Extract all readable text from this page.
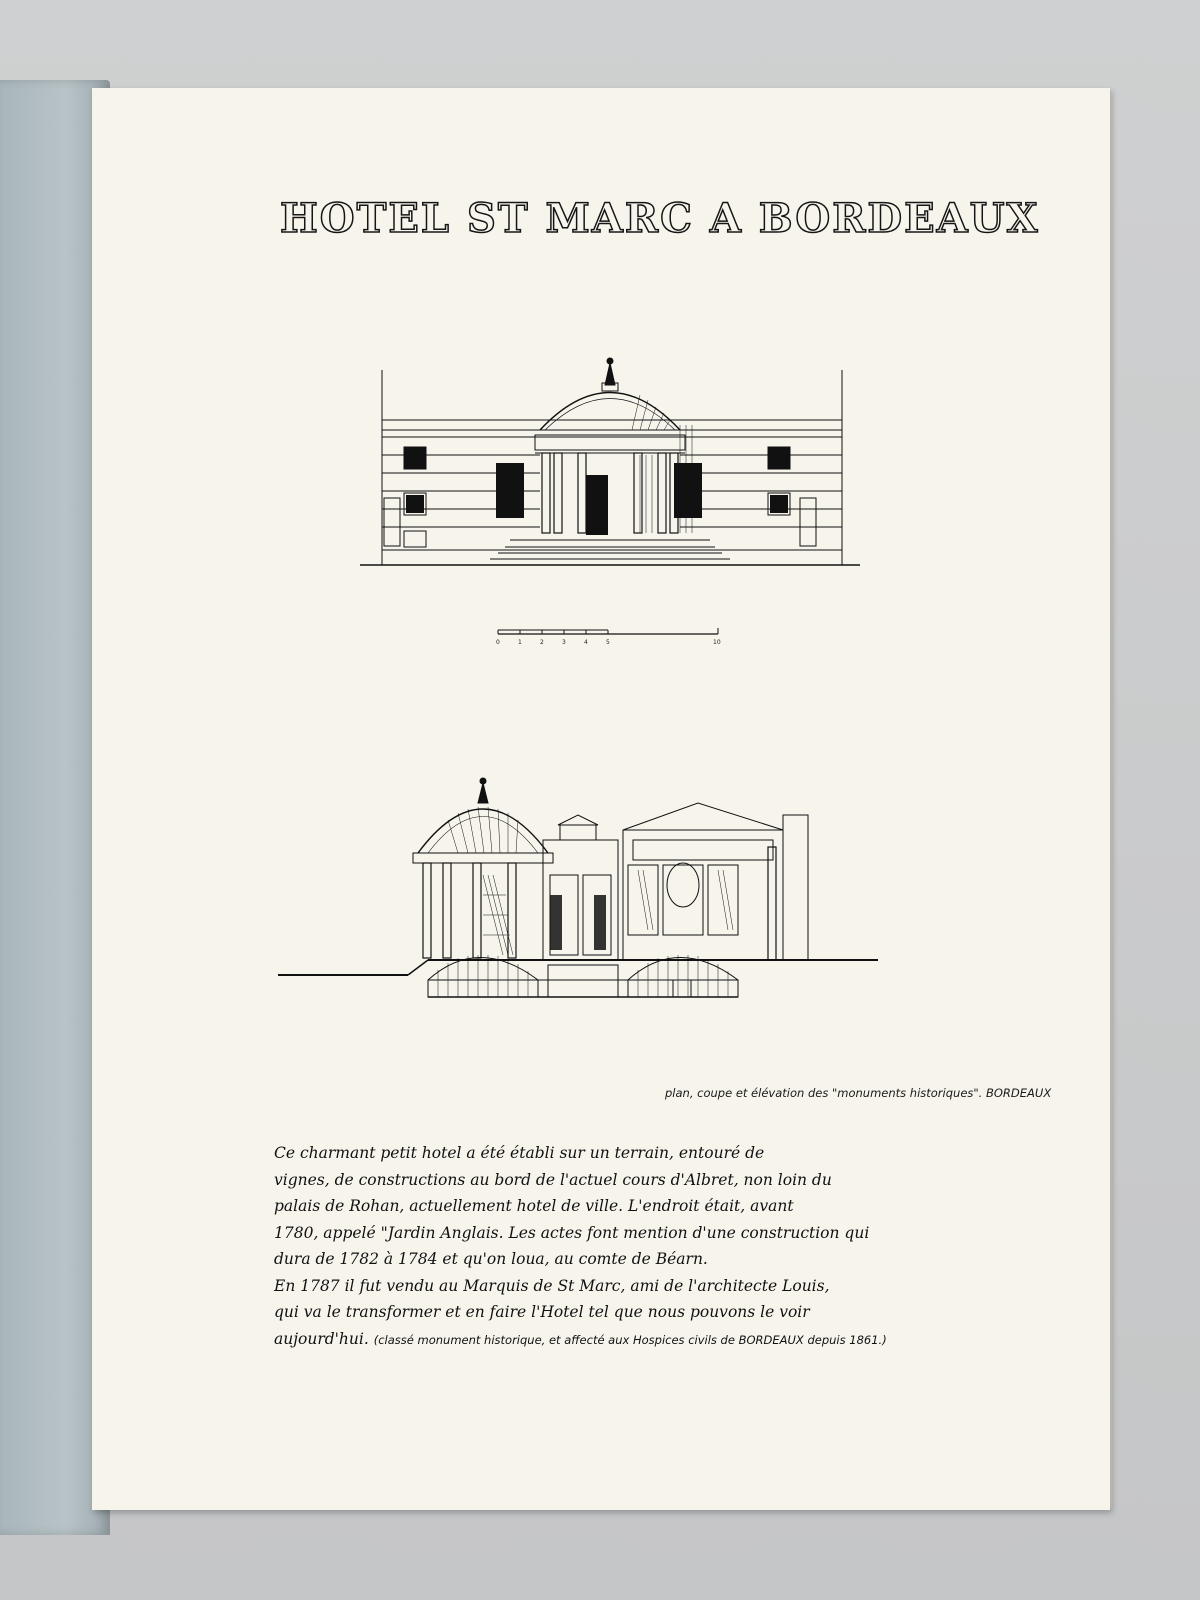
HOTEL ST MARC A BORDEAUX
0	1	2	3	4	5	10
plan, coupe et élévation des "monuments historiques". BORDEAUX

Ce charmant petit hotel a été établi sur un terrain, entouré de

vignes, de constructions au bord de l'actuel cours d'Albret, non loin du

palais de Rohan, actuellement hotel de ville. L'endroit était, avant

1780, appelé "Jardin Anglais. Les actes font mention d'une construction qui

dura de 1782 à 1784 et qu'on loua, au comte de Béarn.

En 1787 il fut vendu au Marquis de St Marc, ami de l'architecte Louis,

qui va le transformer et en faire l'Hotel tel que nous pouvons le voir

aujourd'hui. (classé monument historique, et affecté aux Hospices civils de BORDEAUX depuis 1861.)
